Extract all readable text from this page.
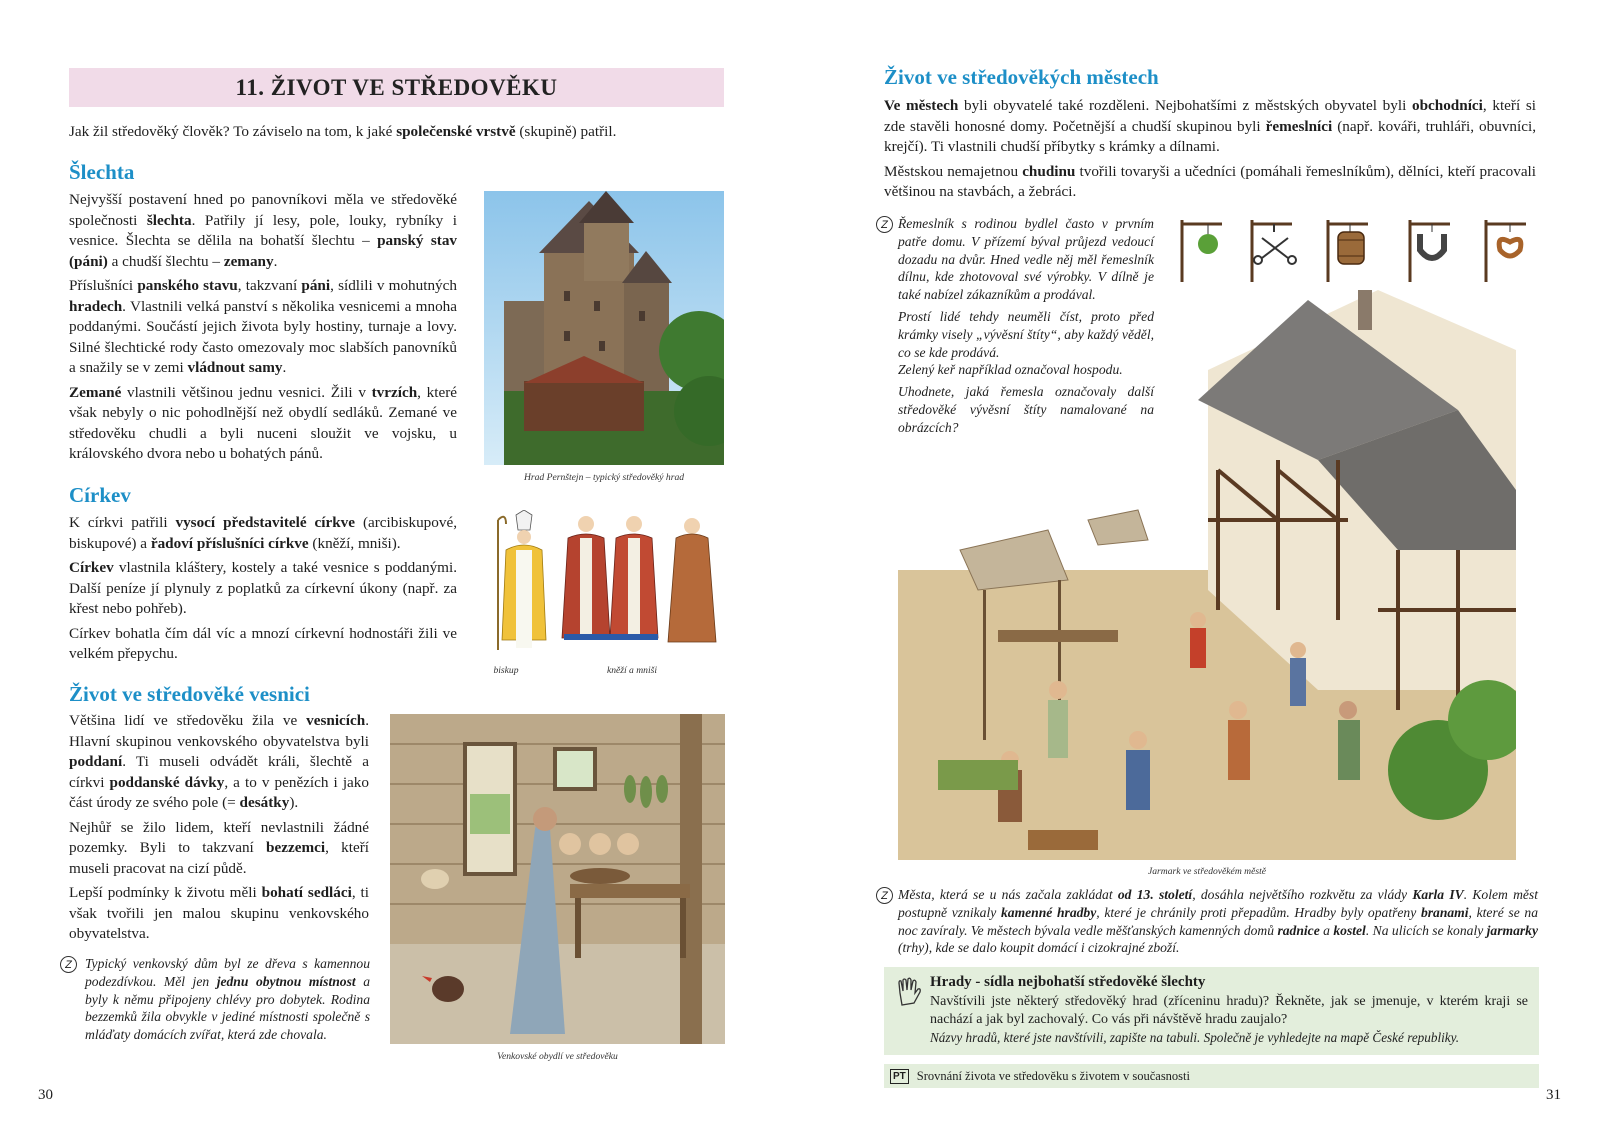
11. ŽIVOT VE STŘEDOVĚKU

Jak žil středověký člověk? To záviselo na tom, k jaké společenské vrstvě (skupině) patřil.

Šlechta

Nejvyšší postavení hned po panovníkovi měla ve středověké společnosti šlechta. Patřily jí lesy, pole, louky, rybníky i vesnice. Šlechta se dělila na bohatší šlechtu – panský stav (páni) a chudší šlechtu – zemany.

Příslušníci panského stavu, takzvaní páni, sídlili v mohutných hradech. Vlastnili velká panství s několika vesnicemi a mnoha poddanými. Součástí jejich života byly hostiny, turnaje a lovy. Silné šlechtické rody často omezovaly moc slabších panovníků a snažily se v zemi vládnout samy.

Zemané vlastnili většinou jednu vesnici. Žili v tvrzích, které však nebyly o nic pohodlnější než obydlí sedláků. Zemané ve středověku chudli a byli nuceni sloužit ve vojsku, u královského dvora nebo u bohatých pánů.

Hrad Pernštejn – typický středověký hrad
Církev

K církvi patřili vysocí představitelé církve (arcibiskupové, biskupové) a řadoví příslušníci církve (kněží, mniši).

Církev vlastnila kláštery, kostely a také vesnice s poddanými. Další peníze jí plynuly z poplatků za církevní úkony (např. za křest nebo pohřeb).

Církev bohatla čím dál víc a mnozí církevní hodnostáři žili ve velkém přepychu.

biskup	kněží a mniši
Život ve středověké vesnici

Většina lidí ve středověku žila ve vesnicích. Hlavní skupinou venkovského obyvatelstva byli poddaní. Ti museli odvádět králi, šlechtě a církvi poddanské dávky, a to v penězích i jako část úrody ze svého pole (= desátky).

Nejhůř se žilo lidem, kteří nevlastnili žádné pozemky. Byli to takzvaní bezzemci, kteří museli pracovat na cizí půdě.

Lepší podmínky k životu měli bohatí sedláci, ti však tvořili jen malou skupinu venkovského obyvatelstva.

Z Typický venkovský dům byl ze dřeva s kamennou podezdívkou. Měl jen jednu obytnou místnost a byly k němu připojeny chlévy pro dobytek. Rodina bezzemků žila obvykle v jediné místnosti společně s mláďaty domácích zvířat, která zde chovala.

Venkovské obydlí ve středověku
30
Život ve středověkých městech

Ve městech byli obyvatelé také rozděleni. Nejbohatšími z městských obyvatel byli obchodníci, kteří si zde stavěli honosné domy. Početnější a chudší skupinou byli řemeslníci (např. kováři, truhláři, obuvníci, krejčí). Ti vlastnili chudší příbytky s krámky a dílnami.

Městskou nemajetnou chudinu tvořili tovaryši a učedníci (pomáhali řemeslníkům), dělníci, kteří pracovali většinou na stavbách, a žebráci.

Z Řemeslník s rodinou bydlel často v prvním patře domu. V přízemí býval průjezd vedoucí dozadu na dvůr. Hned vedle něj měl řemeslník dílnu, kde zhotovoval své výrobky. V dílně je také nabízel zákazníkům a prodával.

Prostí lidé tehdy neuměli číst, proto před krámky visely „vývěsní štíty“, aby každý věděl, co se kde prodává.

Zelený keř například označoval hospodu.

Uhodnete, jaká řemesla označovaly další středověké vývěsní štíty namalované na obrázcích?

Jarmark ve středověkém městě
Z Města, která se u nás začala zakládat od 13. století, dosáhla největšího rozkvětu za vlády Karla IV. Kolem měst postupně vznikaly kamenné hradby, které je chránily proti přepadům. Hradby byly opatřeny branami, které se na noc zavíraly. Ve městech bývala vedle měšťanských kamenných domů radnice a kostel. Na ulicích se konaly jarmarky (trhy), kde se dalo koupit domácí i cizokrajné zboží.

Hrady - sídla nejbohatší středověké šlechty

Navštívili jste některý středověký hrad (zříceninu hradu)? Řekněte, jak se jmenuje, v kterém kraji se nachází a jak byl zachovalý. Co vás při návštěvě hradu zaujalo?

Názvy hradů, které jste navštívili, zapište na tabuli. Společně je vyhledejte na mapě České republiky.

PT Srovnání života ve středověku s životem v současnosti
31
